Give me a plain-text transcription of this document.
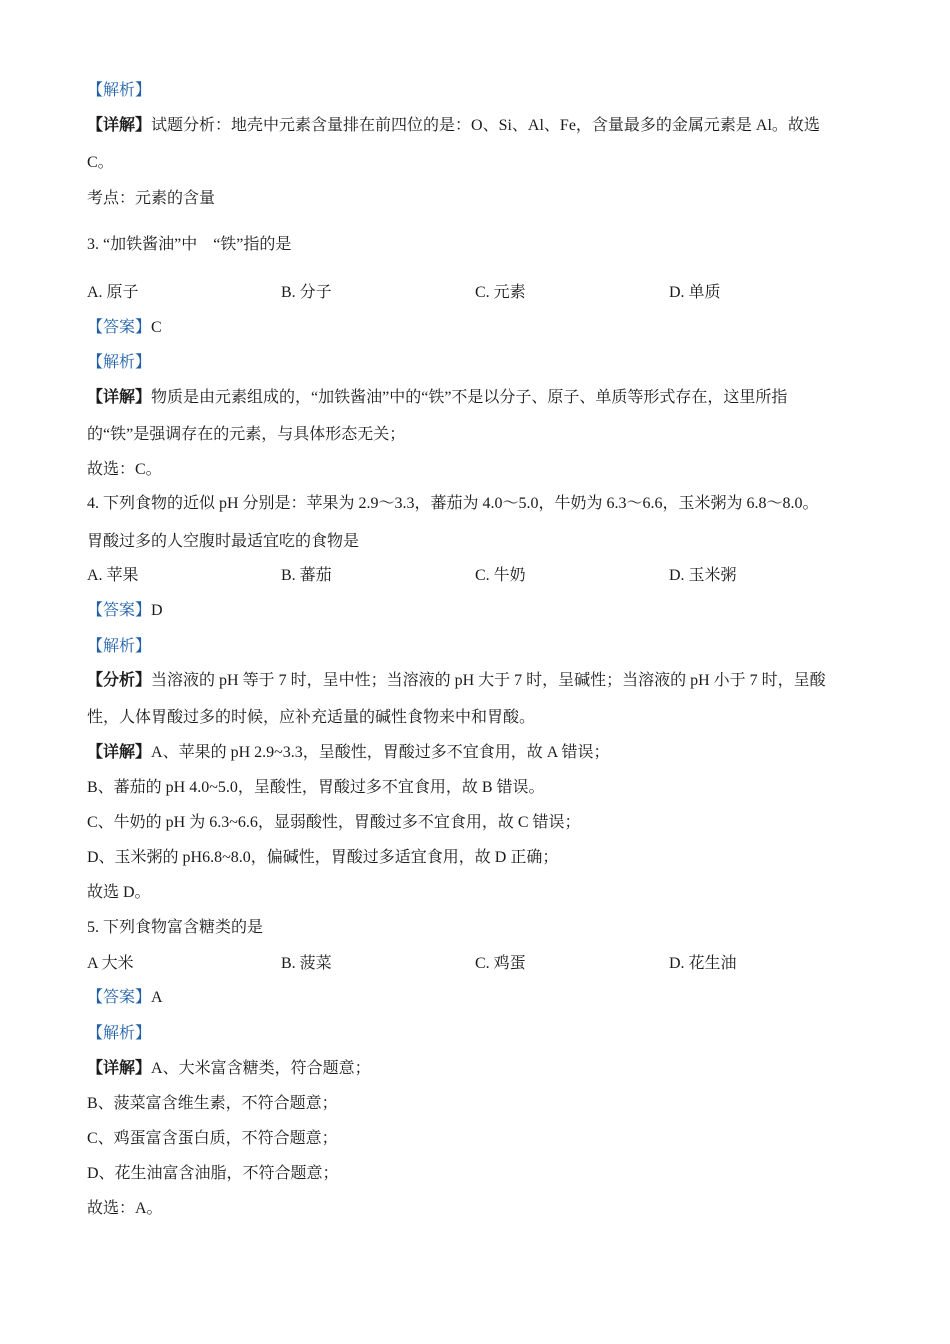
【解析】
【详解】试题分析：地壳中元素含量排在前四位的是：O、Si、Al、Fe，含量最多的金属元素是 Al。故选
C。
考点：元素的含量
3. “加铁酱油”中　“铁”指的是
A. 原子	B. 分子	C. 元素	D. 单质
【答案】C
【解析】
【详解】物质是由元素组成的，“加铁酱油”中的“铁”不是以分子、原子、单质等形式存在，这里所指
的“铁”是强调存在的元素，与具体形态无关；
故选：C。
4. 下列食物的近似 pH 分别是：苹果为 2.9～3.3，蕃茄为 4.0～5.0，牛奶为 6.3～6.6，玉米粥为 6.8～8.0。
胃酸过多的人空腹时最适宜吃的食物是
A. 苹果	B. 蕃茄	C. 牛奶	D. 玉米粥
【答案】D
【解析】
【分析】当溶液的 pH 等于 7 时，呈中性；当溶液的 pH 大于 7 时，呈碱性；当溶液的 pH 小于 7 时，呈酸
性，人体胃酸过多的时候，应补充适量的碱性食物来中和胃酸。
【详解】A、苹果的 pH 2.9~3.3，呈酸性，胃酸过多不宜食用，故 A 错误；
B、蕃茄的 pH 4.0~5.0，呈酸性，胃酸过多不宜食用，故 B 错误。
C、牛奶的 pH 为 6.3~6.6，显弱酸性，胃酸过多不宜食用，故 C 错误；
D、玉米粥的 pH6.8~8.0，偏碱性，胃酸过多适宜食用，故 D 正确；
故选 D。
5. 下列食物富含糖类的是
A 大米	B. 菠菜	C. 鸡蛋	D. 花生油
【答案】A
【解析】
【详解】A、大米富含糖类，符合题意；
B、菠菜富含维生素，不符合题意；
C、鸡蛋富含蛋白质，不符合题意；
D、花生油富含油脂，不符合题意；
故选：A。
